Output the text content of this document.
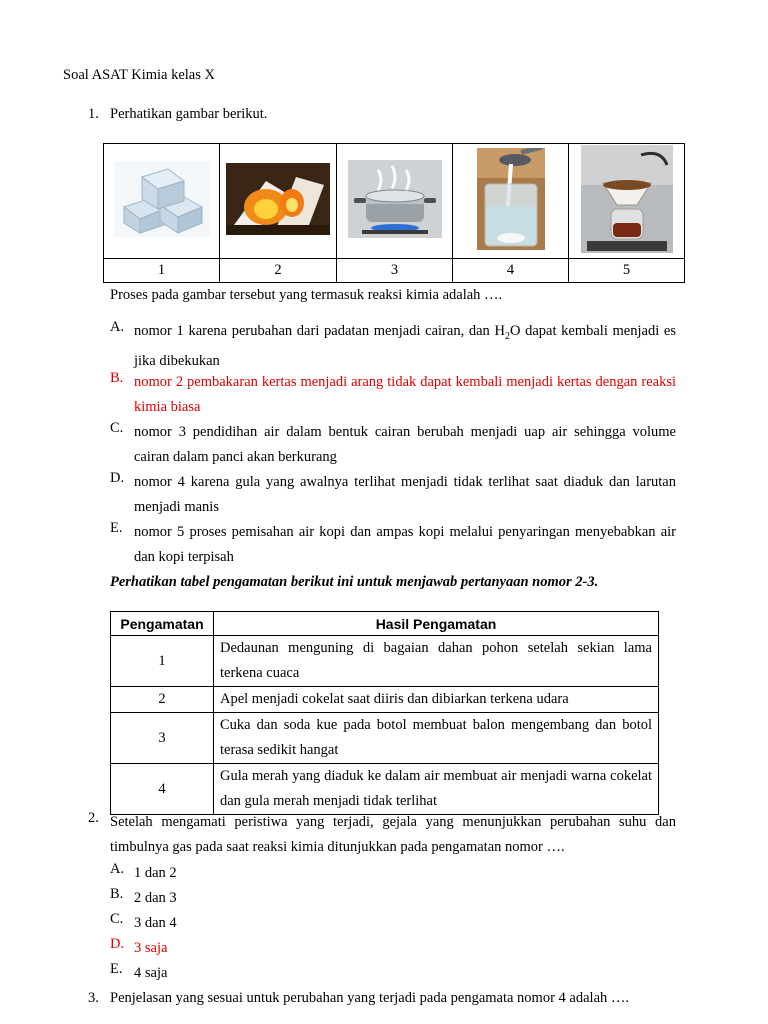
Soal ASAT Kimia kelas X
1. Perhatikan gambar berikut.

1	2	3	4	5
Proses pada gambar tersebut yang termasuk reaksi kimia adalah ….
A. nomor 1 karena perubahan dari padatan menjadi cairan, dan $H_2O$ dapat kembali menjadi es jika dibekukan
B. nomor 2 pembakaran kertas menjadi arang tidak dapat kembali menjadi kertas dengan reaksi kimia biasa
C. nomor 3 pendidihan air dalam bentuk cairan berubah menjadi uap air sehingga volume cairan dalam panci akan berkurang
D. nomor 4 karena gula yang awalnya terlihat menjadi tidak terlihat saat diaduk dan larutan menjadi manis
E. nomor 5 proses pemisahan air kopi dan ampas kopi melalui penyaringan menyebabkan air dan kopi terpisah
Perhatikan tabel pengamatan berikut ini untuk menjawab pertanyaan nomor 2-3.
Pengamatan	Hasil Pengamatan
1	Dedaunan menguning di bagaian dahan pohon setelah sekian lama terkena cuaca
2	Apel menjadi cokelat saat diiris dan dibiarkan terkena udara
3	Cuka dan soda kue pada botol membuat balon mengembang dan botol terasa sedikit hangat
4	Gula merah yang diaduk ke dalam air membuat air menjadi warna cokelat dan gula merah menjadi tidak terlihat
2. Setelah mengamati peristiwa yang terjadi, gejala yang menunjukkan perubahan suhu dan timbulnya gas pada saat reaksi kimia ditunjukkan pada pengamatan nomor ….
A. 1 dan 2
B. 2 dan 3
C. 3 dan 4
D. 3 saja
E. 4 saja
3. Penjelasan yang sesuai untuk perubahan yang terjadi pada pengamata nomor 4 adalah ….
